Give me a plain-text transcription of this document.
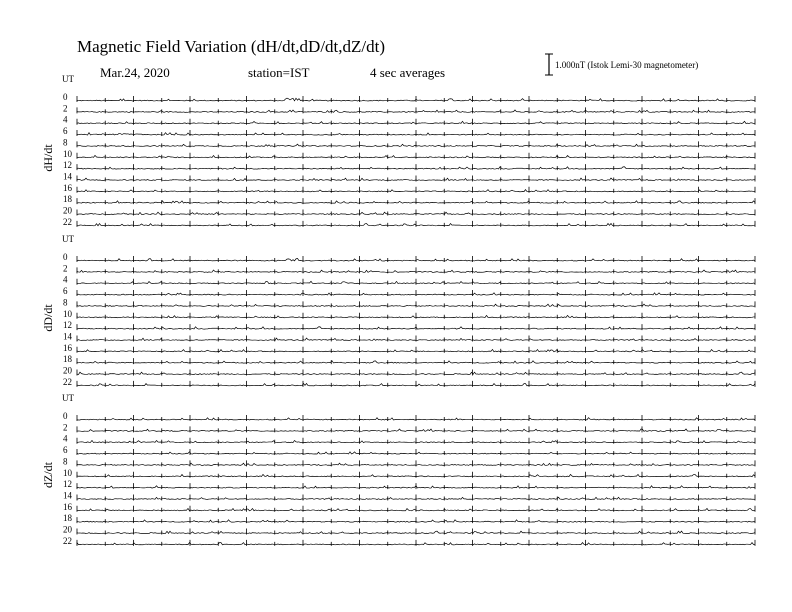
Magnetic Field Variation (dH/dt,dD/dt,dZ/dt)
Mar.24, 2020	station=IST	4 sec averages	1.000nT (Istok Lemi-30 magnetometer)
UT
dH/dt
0
2
4
6
8
10
12
14
16
18
20
22
UT
dD/dt
0
2
4
6
8
10
12
14
16
18
20
22
UT
dZ/dt
0
2
4
6
8
10
12
14
16
18
20
22
